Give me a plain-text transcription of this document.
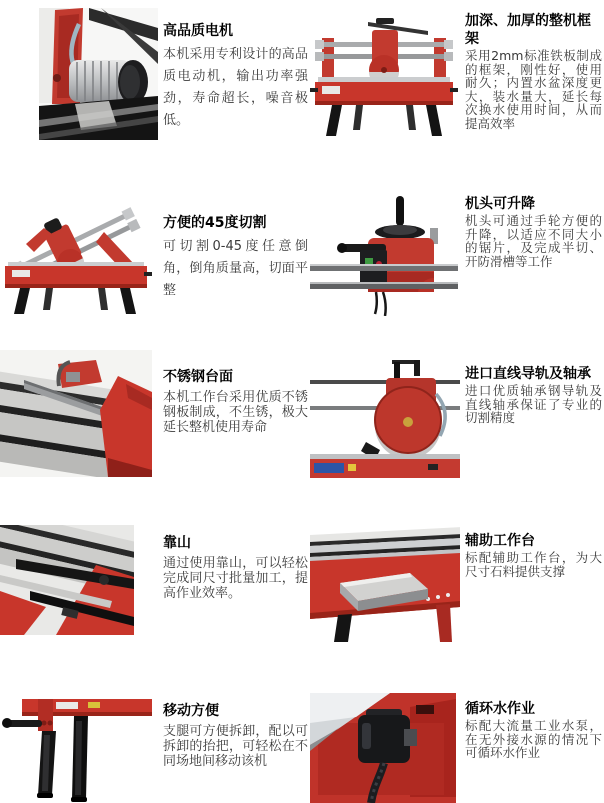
高品质电机

本机采用专利设计的高品质电动机，输出功率强劲，寿命超长，噪音极低。

加深、加厚的整机框架

采用2mm标准铁板制成的框架，刚性好，使用耐久；内置水盆深度更大，装水量大，延长每次换水使用时间，从而提高效率

方便的45度切割

可切割0-45度任意倒角，倒角质量高，切面平整

机头可升降

机头可通过手轮方便的升降，以适应不同大小的锯片，及完成半切、开防滑槽等工作

不锈钢台面

本机工作台采用优质不锈钢板制成，不生锈，极大延长整机使用寿命

进口直线导轨及轴承

进口优质轴承钢导轨及直线轴承保证了专业的切割精度

靠山

通过使用靠山，可以轻松完成同尺寸批量加工，提高作业效率。

辅助工作台

标配辅助工作台，为大尺寸石料提供支撑

移动方便

支腿可方便拆卸，配以可拆卸的抬把，可轻松在不同场地间移动该机

循环水作业

标配大流量工业水泵，在无外接水源的情况下可循环水作业
